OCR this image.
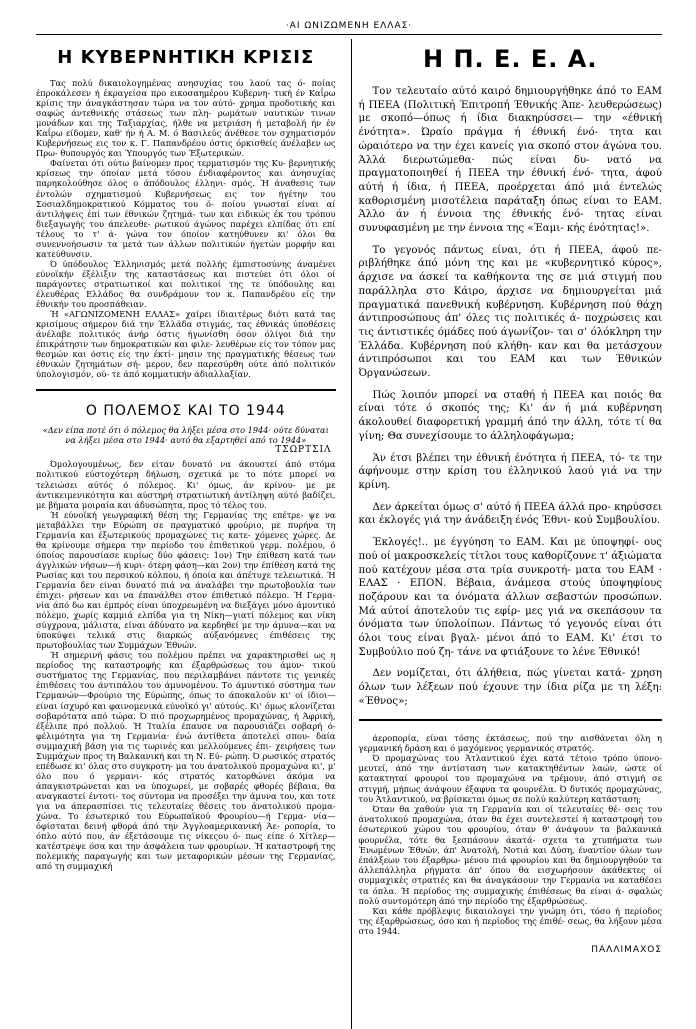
·ΑΙ ΩΝΙΖΩΜΕΝΗ ΕΛΛΑΣ·
Η ΚΥΒΕΡΝΗΤΙΚΗ ΚΡΙΣΙΣ

Τας πολύ δικαιολογημένας ανησυχίας του λαού τας ό- ποίας έπροκάλεσεν ή έκραγείσα προ εικοσαημέρου Κυβερνη- τική έν Καΐρω κρίσις την άναγκάστησαν τώρα να τον αύτό- χρημα προδοτικής και σαφώς άντεθνικής στάσεως των πλη- ρωμάτων ναυτικών τινων μονάδων και της Ταξιαρχίας, ήλθε να μετριάση ή μεταβολή ήν έν Καΐρω είδομεν, καθ' ήν ή Α. Μ. ό Βασιλεύς άνέθεσε τον σχηματισμόν Κυβερνήσεως εις τον κ. Γ. Παπανδρέου όστις όρκισθείς άνέλαβεν ως Πρω- θυπουργός και Ύπουργός των Έξωτερικών.

Φαίνεται ότι ούτω βαίνομεν προς τερματισμόν της Κυ- βερνητικής κρίσεως την όποίαν μετά τόσου ένδιαφέροντος και άνησυχίας παρηκολούθησε όλος ο άπόδουλος έλληνι- σμός. Ή άναθεσις των έντολών σχηματισμού Κυβερνήσεως εις τον ήγέτην του Σοσιαλδημοκρατικού Κόμματος του ό- ποίου γνωσταί είναι αί άντιλήψεις έπί των έθνικών ζητημά- των και ειδικώς έκ του τρόπου διεξαγωγής του άπελευθε- ρωτικού άγώνος παρέχει ελπίδας ότι επί τέλους το τ' ά- γώνα τον όποίον κατηύθυνεν κι' όλοι θα συνεννοήσωσιν τα μετά των άλλων πολιτικών ήγετών μορφήν και κατεύθυνσιν.

Ό ύπόδουλος Έλληνισμός μετά πολλής έμπιστοσύνης άναμένει εύνοϊκήν έξέλιξιν της καταστάσεως και πιστεύει ότι όλοι οί παράγοντες στρατιωτικοί και πολιτικοί της τε ύπόδουλης και έλευθέρας Ελλάδος θα συνδράμουν τον κ. Παπανδρέου είς την έθνικήν του προσπάθειαν.

Ή «ΑΓΩΝΙΖΟΜΕΝΗ ΕΛΛΑΣ» χαίρει ίδιαιτέρως διότι κατά τας κρισίμους σήμερον διά την Έλλάδα στιγμάς, τας έθνικάς ύποθέσεις άνέλαβε πολιτικός άνήρ όστις ήγωνίσθη όσον όλίγοι διά την έπικράτησιν των δημοκρατικών και φιλε- λευθέρων είς τον τόπον μας θεσμών και όστις είς την έκτί- μησιν της πραγματικής θέσεως των έθνικών ζητημάτων σή- μερον, δεν παρεσύρθη ούτε άπό πολιτικόν ύπολογισμόν, ού- τε άπό κομματικήν άδιαλλαξίαν.

Ο ΠΟΛΕΜΟΣ ΚΑΙ ΤΟ 1944
«Δεν είπα ποτέ ότι ό πόλεμος θα λήξει μέσα στο 1944· ούτε δύναται να λήξει μέσα στο 1944· αυτό θα εξαρτηθεί από το 1944»
ΤΣΩΡΤΣΙΛ

Όμολογουμένως, δεν είταν δυνατό να άκουστεί άπό στόμα πολιτικού εύστοχότερη δήλωση, σχετικά με το πότε μπορεί να τελειώσει αύτός ό πόλεμος. Κι' όμως, άν κρίνου- με με άντικειμενικότητα και αύστηρή στρατιωτική άντίληψη αύτό βαδίζει, με βήματα μοιραία και άδυσώπητα, προς τό τέλος του.

Ή εύνοϊκή γεωγραφική θέση της Γερμανίας της επέτρε- ψε να μεταβάλλει την Εύρώπη σε πραγματικό φρούριο, με πυρήνα τη Γερμανία και έξωτερικούς προμαχώνες τις κατε- χόμενες χώρες. Δε θα κρίνουμε σήμερα την περίοδο του έπιθετικού γερμ. πολέμου, ό όποίος παρουσίασε κυρίως δύο φάσεις: 1ον) Την έπίθεση κατά των άγγλικών νήσων—ή κυρι- ότερη φάση—και 2ον) την έπίθεση κατά της Ρωσίας και του περσικού κόλπου, ή όποία και άπέτυχε τελειωτικά. Ή Γερμανία δεν είναι δυνατό πιά να άναλάβει την πρωτοβουλία των έπιχει- ρήσεων και να έπανάλθει στον έπιθετικό πόλεμο. Ή Γερμα- νία άπό δω και έμπρός είναι ύποχρεωμένη να διεξάγει μόνο άμυντικό πόλεμο, χωρίς καμμιά ελπίδα για τη Νίκη—γιατί πόλεμος και νίκη σύγχρονα, μάλιστα, είναι άδύνατο να κερδηθεί με την άμυνα—και να ύποκύψει τελικά στις διαρκώς αύξανόμενες έπιθέσεις της πρωτοβουλίας των Συμμάχων Έθνών.

Ή σημερινή φάσις του πολέμου πρέπει να χαρακτηρισθεί ως η περίοδος της καταστροφής και έξαρθρώσεως του άμυν- τικού συστήματος της Γερμανίας, που περιλαμβάνει πάντοτε τις γενικές έπιθέσεις του άντιπάλου του άμυνομένου. Το άμυντικό σύστημα των Γερμανών—Φρούριο της Εύρώπης, όπως το άποκαλούν κι' οί ίδιοι—είναι ίσχυρό και φαινομενικά εύνοϊκό γι' αύτούς. Κι' όμως κλονίζεται σοβαρότατα από τώρα. Ό πιό προχωρημένος προμαχώνας, ή Άφρική, έξέλιπε πρό πολλού. Ή Ίταλία έπαυσε να παρουσιάζει σοβαρή ό- φέλιμότητα για τη Γερμανία· ένώ άντίθετα άποτελεί σπου- δαία συμμαχική βάση για τις τωρινές και μελλούμενες έπι- χειρήσεις των Συμμάχων προς τη Βαλκανική και τη Ν. Εύ- ρώπη. Ό ρωσικός στρατός επέδωσε κι' όλας στο συγκροτη- μα του άνατολικού προμαχώνα κι', μ' όλο που ό γερμανι- κός στρατός κατορθώνει άκόμα να άπαγκιστρώνεται και να ύποχωρεί, με σοβαρές φθορές βέβαια, θα αναγκαστεί έντοτι- τος σύντομα να προσέξει την άμυνα του, και τοτε για να άπερασπίσει τις τελευταίες θέσεις του άνατολικού προμα- χώνα. Το έσωτερικό του Εύρωπαϊκού Φρουρίου—ή Γερμα- νία—όφίσταται δεινή φθορά άπό την Άγγλοαμερικανική Άε- ροπορία, το όπλο αύτό που, άν έξετάσουμε τις νίκεςου ό- πως είπε ό Χίτλερ—κατέστρεψε όσα και την άσφάλεια των φρουρίων. Ή καταστροφή της πολεμικής παραγωγής και των μεταφορικών μέσων της Γερμανίας, από τη συμμαχική

Η Π. Ε. Ε. Α.

Τον τελευταίο αύτό καιρό δημιουργήθηκε άπό το ΕΑΜ ή ΠΕΕΑ (Πολιτική Έπιτροπή Έθνικής Άπε- λευθερώσεως) με σκοπό—όπως ή ίδια διακηρύσσει— την «έθνική ένότητα». Ώραίο πράγμα ή έθνική ένό- τητα και ώραιότερο να την έχει κανείς για σκοπό στον άγώνα του. Άλλά διερωτώμεθα· πώς είναι δυ- νατό να πραγματοποιηθεί ή ΠΕΕΑ την έθνική ένό- τητα, άφού αύτή ή ίδια, ή ΠΕΕΑ, προέρχεται άπό μιά έντελώς καθορισμένη μισοτέλεια παράταξη όπως είναι το ΕΑΜ. Άλλο άν ή έννοια της έθνικής ένό- τητας είναι συνυφασμένη με την έννοια της «Έαμι- κής ένότητας!».

Το γεγονός πάντως είναι, ότι ή ΠΕΕΑ, άφού πε- ριβλήθηκε άπό μόνη της και με «κυβερνητικό κύρος», άρχισε να άσκεί τα καθήκοντα της σε μιά στιγμή που παράλληλα στο Κάιρο, άρχισε να δημιουργείται μιά πραγματικά πανεθνική κυβέρνηση. Κυβέρνηση πού θάχη άντιπροσώπους άπ' όλες τις πολιτικές ά- ποχρώσεις και τις άντιστικές όμάδες πού άγωνίζον- ται σ' όλόκληρη την Έλλάδα. Κυβέρνηση πού κλήθη- καν και θα μετάσχουν άντιπρόσωποι και του ΕΑΜ και των Έθνικών Όργανώσεων.

Πώς λοιπόν μπορεί να σταθή ή ΠΕΕΑ και ποιός θα είναι τότε ό σκοπός της; Κι' άν ή μιά κυβέρνηση άκολουθεί διαφορετική γραμμή άπό την άλλη, τότε τί θα γίνη; Θα συνεχίσουμε το άλληλοφάγωμα;

Άν έτσι βλέπει την έθνική ένότητα ή ΠΕΕΑ, τό- τε την άφήνουμε στην κρίση του έλληνικού λαού γιά να την κρίνη.

Δεν άρκείται όμως σ' αύτό ή ΠΕΕΑ άλλά προ- κηρύσσει και έκλογές γιά την άνάδειξη ένός Έθνι- κού Συμβουλίου.

Έκλογές!.. με έγγύηση το ΕΑΜ. Και με ύποψηφί- ους πού οί μακροσκελείς τίτλοι τους καθορίζουνε τ' άξιώματα πού κατέχουν μέσα στα τρία συνκροτή- ματα του ΕΑΜ · ΕΛΑΣ · ΕΠΟΝ. Βέβαια, άνάμεσα στούς ύποψηφίους ποζάρουν και τα όνόματα άλλων σεβαστών προσώπων. Μά αύτοί άποτελούν τις εφίρ- μες γιά να σκεπάσουν τα όνόματα των ύπολοίπων. Πάντως τό γεγονός είναι ότι όλοι τους είναι βγαλ- μένοι άπό το ΕΑΜ. Κι' έτσι το Συμβούλιο πού ζη- τάνε να φτιάξουνε το λένε Έθνικό!

Δεν νομίζεται, ότι άλήθεια, πώς γίνεται κατά- χρηση όλων των λέξεων πού έχουνε την ίδια ρίζα με τη λέξη: «Έθνος»;

άεροπορία, είναι τόσης έκτάσεως, πού την αισθάνεται όλη η γερμανική δράση και ό μαχόμενος γερμανικός στρατός.

Ό προμαχώνας του Άτλαντικού έχει κατά τέτοιο τρόπο ύπονο- μευτεί, άπό την άντίσταση των κατακτηθέντων λαών, ώστε οί κατακτηταί φρουροί του προμαχώνα να τρέμουν, άπό στιγμή σε στιγμή, μήπως άνάψουν έξαφνα τα φουρνέλα. Ό δυτικός προμαχώνας, του Άτλαντικού, να βρίσκεται όμως σε πολύ καλύτερη κατάσταση;

Όταν θα χαθούν για τη Γερμανία και οί τελευταίες θέ- σεις του άνατολικού προμαχώνα, όταν θα έχει συντελεστεί ή καταστροφή του έσωτερικού χώρου του φρουρίου, όταν θ' άνάψουν τα βαλκανικά φουρνέλα, τότε θα ξεσπάσουν άκατά- σχετα τα χτυπήματα των Ένωμένων Έθνών, άπ' Άνατολή, Νοτιά και Δύση, έναντίον όλων των έπάλξεων του έξαρθρω- μένου πιά φρουρίου και θα δημιουργηθούν τα άλλεπάλληλα ρήγματα άπ' όπου θα εισχωρήσουν άκάθεκτες οί συμμαχικές στρατιές και θα άναγκάσουν την Γερμανία να καταθέσει τα όπλα. Ή περίοδος της συμμαχικής έπιθέσεως θα είναι ά- σφαλώς πολύ συντομότερη άπό την περίοδο της έξαρθρώσεως.

Και κάθε πρόβλεψις δικαιολογεί την γνώμη ότι, τόσο ή περίοδος της έξαρθρώσεως, όσο και ή περίοδος της έπιθέ- σεως, θα λήξουν μέσα στο 1944.

ΠΑΛΛΙΜΑΧΟΣ
